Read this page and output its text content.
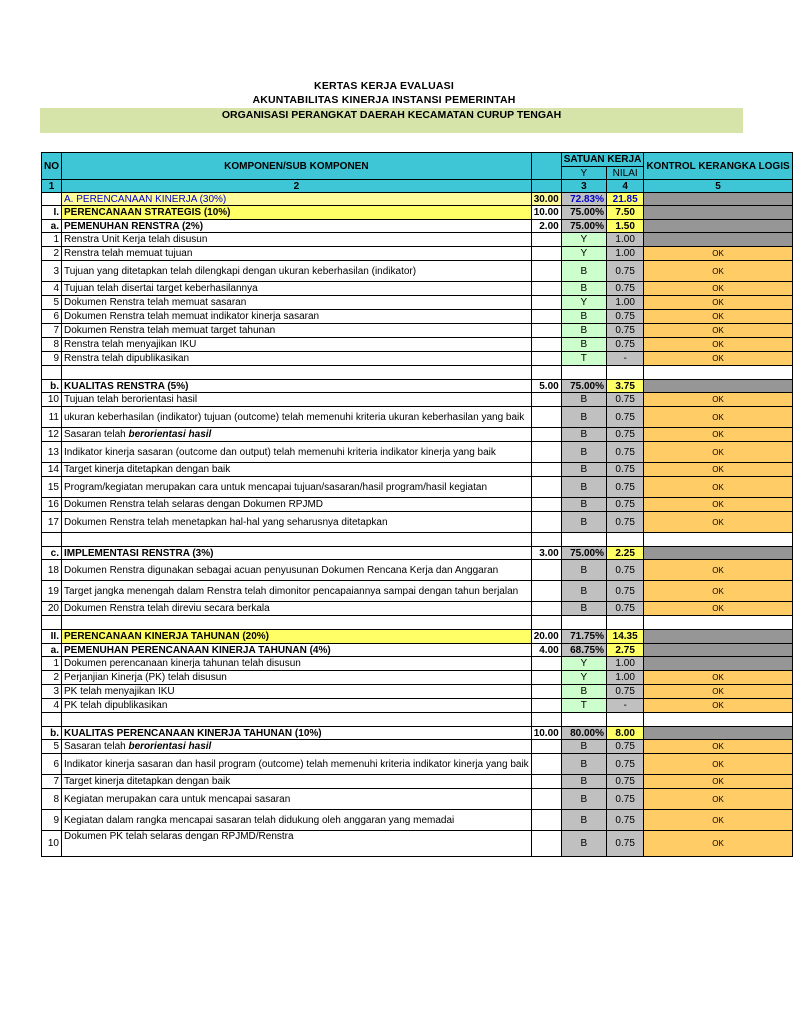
KERTAS KERJA EVALUASI
AKUNTABILITAS KINERJA INSTANSI PEMERINTAH
ORGANISASI PERANGKAT DAERAH KECAMATAN CURUP TENGAH
NO	KOMPONEN/SUB KOMPONEN		SATUAN KERJA		KONTROL KERANGKA LOGIS
			Y	NILAI	
1	2		3	4	5
	A. PERENCANAAN KINERJA (30%)	30.00	72.83%	21.85	
I.	PERENCANAAN STRATEGIS (10%)	10.00	75.00%	7.50	
a.	PEMENUHAN RENSTRA (2%)	2.00	75.00%	1.50	
1	Renstra Unit Kerja telah disusun		Y	1.00	
2	Renstra telah memuat tujuan		Y	1.00	OK
3	Tujuan yang ditetapkan telah dilengkapi dengan ukuran keberhasilan (indikator)		B	0.75	OK
4	Tujuan telah disertai target keberhasilannya		B	0.75	OK
5	Dokumen Renstra telah memuat sasaran		Y	1.00	OK
6	Dokumen Renstra telah memuat indikator kinerja sasaran		B	0.75	OK
7	Dokumen Renstra telah memuat target tahunan		B	0.75	OK
8	Renstra telah menyajikan IKU		B	0.75	OK
9	Renstra telah dipublikasikan		T	-	OK

b.	KUALITAS RENSTRA (5%)	5.00	75.00%	3.75	
10	Tujuan telah berorientasi hasil		B	0.75	OK
11	ukuran keberhasilan (indikator) tujuan (outcome) telah memenuhi kriteria ukuran keberhasilan yang baik		B	0.75	OK
12	Sasaran telah berorientasi hasil		B	0.75	OK
13	Indikator kinerja sasaran (outcome dan output) telah memenuhi kriteria indikator kinerja yang baik		B	0.75	OK
14	Target kinerja ditetapkan dengan baik		B	0.75	OK
15	Program/kegiatan merupakan cara untuk mencapai tujuan/sasaran/hasil program/hasil kegiatan		B	0.75	OK
16	Dokumen Renstra telah selaras dengan Dokumen RPJMD		B	0.75	OK
17	Dokumen Renstra telah menetapkan hal-hal yang seharusnya ditetapkan		B	0.75	OK

c.	IMPLEMENTASI RENSTRA (3%)	3.00	75.00%	2.25	
18	Dokumen Renstra digunakan sebagai acuan penyusunan Dokumen Rencana Kerja dan Anggaran		B	0.75	OK
19	Target jangka menengah dalam Renstra telah dimonitor pencapaiannya sampai dengan tahun berjalan		B	0.75	OK
20	Dokumen Renstra telah direviu secara berkala		B	0.75	OK

II.	PERENCANAAN KINERJA TAHUNAN (20%)	20.00	71.75%	14.35	
a.	PEMENUHAN PERENCANAAN KINERJA TAHUNAN (4%)	4.00	68.75%	2.75	
1	Dokumen perencanaan kinerja tahunan telah disusun		Y	1.00	
2	Perjanjian Kinerja (PK) telah disusun		Y	1.00	OK
3	PK telah menyajikan IKU		B	0.75	OK
4	PK telah dipublikasikan		T	-	OK

b.	KUALITAS PERENCANAAN KINERJA TAHUNAN (10%)	10.00	80.00%	8.00	
5	Sasaran telah berorientasi hasil		B	0.75	OK
6	Indikator kinerja sasaran dan hasil program (outcome) telah memenuhi kriteria indikator kinerja yang baik		B	0.75	OK
7	Target kinerja ditetapkan dengan baik		B	0.75	OK
8	Kegiatan merupakan cara untuk mencapai sasaran		B	0.75	OK
9	Kegiatan dalam rangka mencapai sasaran telah didukung oleh anggaran yang memadai		B	0.75	OK
10	Dokumen PK telah selaras dengan RPJMD/Renstra		B	0.75	OK
